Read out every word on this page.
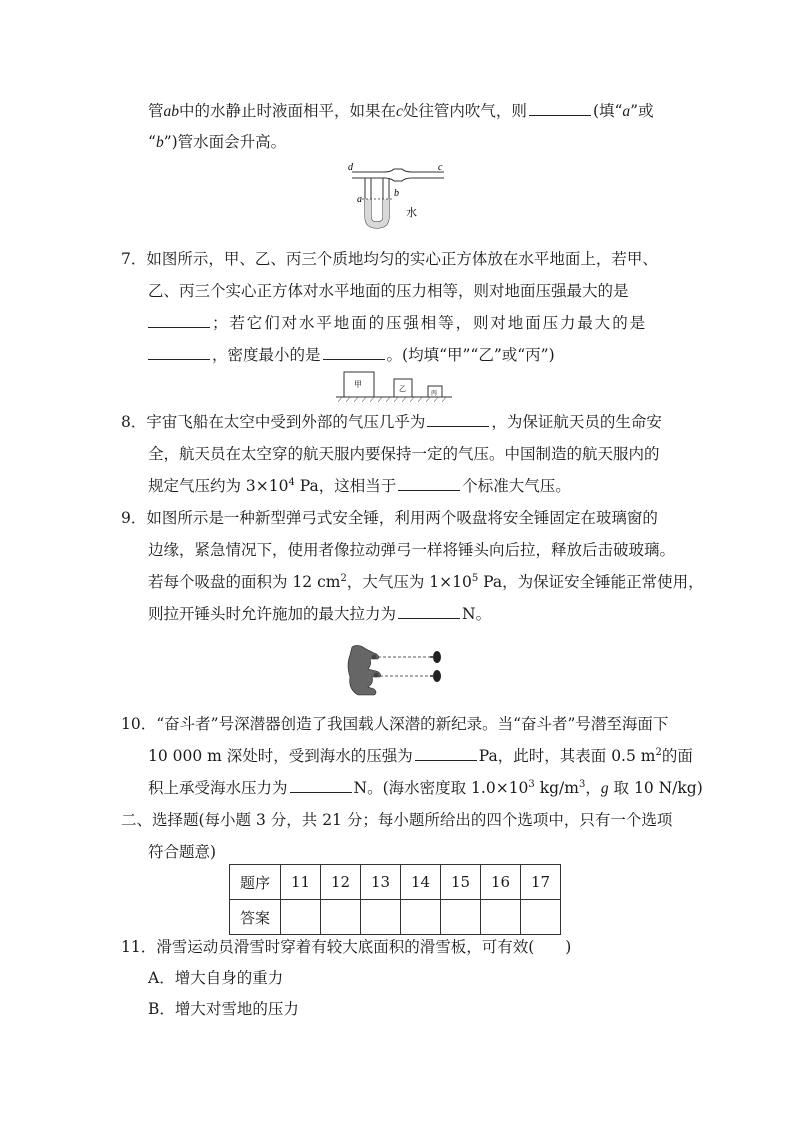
管ab中的水静止时液面相平，如果在c处往管内吹气，则	(填“a”或
“b”)管水面会升高。
d	c
a
b
水
7．如图所示，甲、乙、丙三个质地均匀的实心正方体放在水平地面上，若甲、
乙、丙三个实心正方体对水平地面的压力相等，则对地面压强最大的是
；若它们对水平地面的压强相等，则对地面压力最大的是
，密度最小的是	。(均填“甲”“乙”或“丙”)
甲	乙
丙
8．宇宙飞船在太空中受到外部的气压几乎为	，为保证航天员的生命安
全，航天员在太空穿的航天服内要保持一定的气压。中国制造的航天服内的
规定气压约为 $3\times 10^4$ Pa，这相当于	个标准大气压。
9．如图所示是一种新型弹弓式安全锤，利用两个吸盘将安全锤固定在玻璃窗的
边缘，紧急情况下，使用者像拉动弹弓一样将锤头向后拉，释放后击破玻璃。
若每个吸盘的面积为 12 $cm^2$，大气压为 $1\times 10^5$ Pa，为保证安全锤能正常使用，
则拉开锤头时允许施加的最大拉力为	N。
10．“奋斗者”号深潜器创造了我国载人深潜的新纪录。当“奋斗者”号潜至海面下
10 000 m 深处时，受到海水的压强为	Pa，此时，其表面 0.5 $m^2$的面
积上承受海水压力为	N。(海水密度取 $1.0\times 10^3$ $kg/m^3$，g 取 10 N/kg)
二、选择题(每小题 3 分，共 21 分；每小题所给出的四个选项中，只有一个选项
符合题意)
题序	11	12	13	14	15	16	17
答案							
11．滑雪运动员滑雪时穿着有较大底面积的滑雪板，可有效(　　)
A．增大自身的重力
B．增大对雪地的压力
